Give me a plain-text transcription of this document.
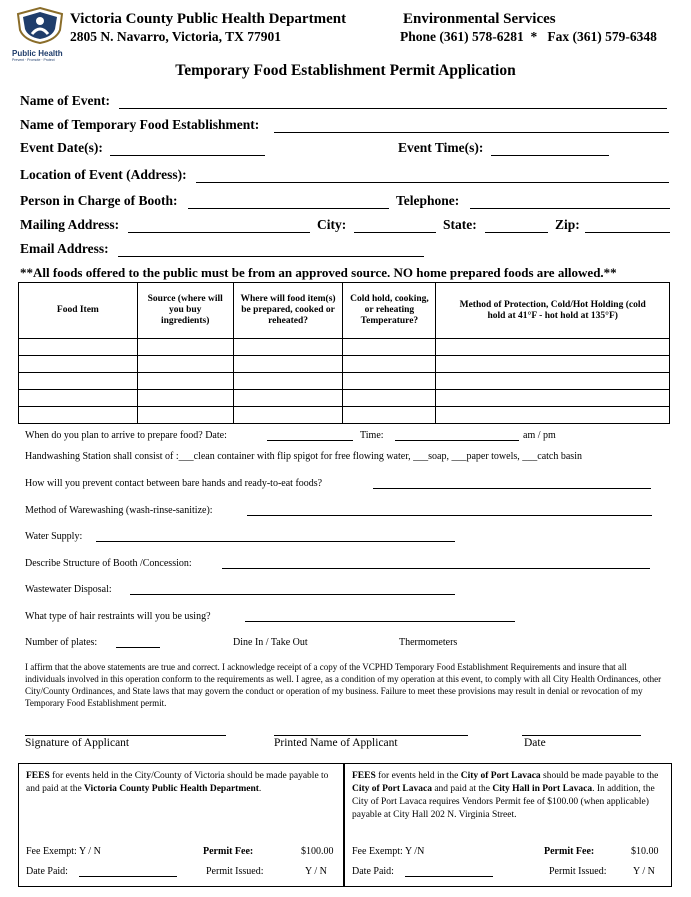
Public Health
Prevent · Promote · Protect
Victoria County Public Health Department
2805 N. Navarro, Victoria, TX 77901
Environmental Services
Phone (361) 578-6281  *   Fax (361) 579-6348
Temporary Food Establishment Permit Application
Name of Event:
Name of Temporary Food Establishment:
Event Date(s):	Event Time(s):
Location of Event (Address):
Person in Charge of Booth:	Telephone:
Mailing Address:	City:	State:	Zip:
Email Address:
**All foods offered to the public must be from an approved source. NO home prepared foods are allowed.**
Food Item	Source (where will you buy ingredients)	Where will food item(s) be prepared, cooked or reheated?	Cold hold, cooking, or reheating Temperature?	Method of Protection, Cold/Hot Holding (cold hold at 41°F - hot hold at 135°F)

When do you plan to arrive to prepare food? Date:	Time:	am / pm
Handwashing Station shall consist of :___clean container with flip spigot for free flowing water, ___soap, ___paper towels, ___catch basin
How will you prevent contact between bare hands and ready-to-eat foods?
Method of Warewashing (wash-rinse-sanitize):
Water Supply:
Describe Structure of Booth /Concession:
Wastewater Disposal:
What type of hair restraints will you be using?
Number of plates:	Dine In / Take Out	Thermometers
I affirm that the above statements are true and correct. I acknowledge receipt of a copy of the VCPHD Temporary Food Establishment Requirements and insure that all individuals involved in this operation conform to the requirements as well. I agree, as a condition of my operation at this event, to comply with all City Health Ordinances, other City/County Ordinances, and State laws that may govern the conduct or operation of my business. Failure to meet these provisions may result in denial or revocation of my Temporary Food Establishment permit.
Signature of Applicant	Printed Name of Applicant	Date

FEES for events held in the City/County of Victoria should be made payable to and paid at the Victoria County Public Health Department.

Fee Exempt: Y / N	Permit Fee:	$100.00
Date Paid:	Permit Issued:	Y / N

FEES for events held in the City of Port Lavaca should be made payable to the City of Port Lavaca and paid at the City Hall in Port Lavaca. In addition, the City of Port Lavaca requires Vendors Permit fee of $100.00 (when applicable) payable at City Hall 202 N. Virginia Street.

Fee Exempt: Y /N	Permit Fee:	$10.00
Date Paid:	Permit Issued:	Y / N
